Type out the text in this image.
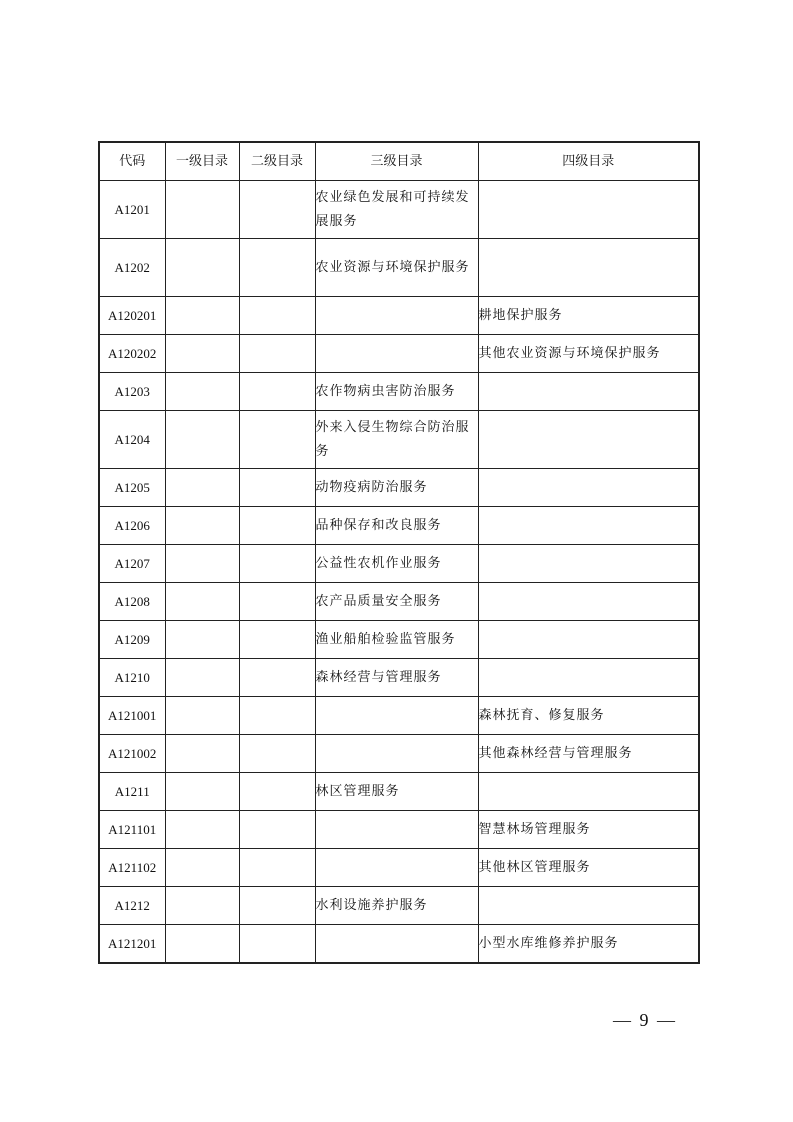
代码	一级目录	二级目录	三级目录	四级目录
A1201			农业绿色发展和可持续发展服务	
A1202			农业资源与环境保护服务	
A120201				耕地保护服务
A120202				其他农业资源与环境保护服务
A1203			农作物病虫害防治服务	
A1204			外来入侵生物综合防治服务	
A1205			动物疫病防治服务	
A1206			品种保存和改良服务	
A1207			公益性农机作业服务	
A1208			农产品质量安全服务	
A1209			渔业船舶检验监管服务	
A1210			森林经营与管理服务	
A121001				森林抚育、修复服务
A121002				其他森林经营与管理服务
A1211			林区管理服务	
A121101				智慧林场管理服务
A121102				其他林区管理服务
A1212			水利设施养护服务	
A121201				小型水库维修养护服务
— 9 —
